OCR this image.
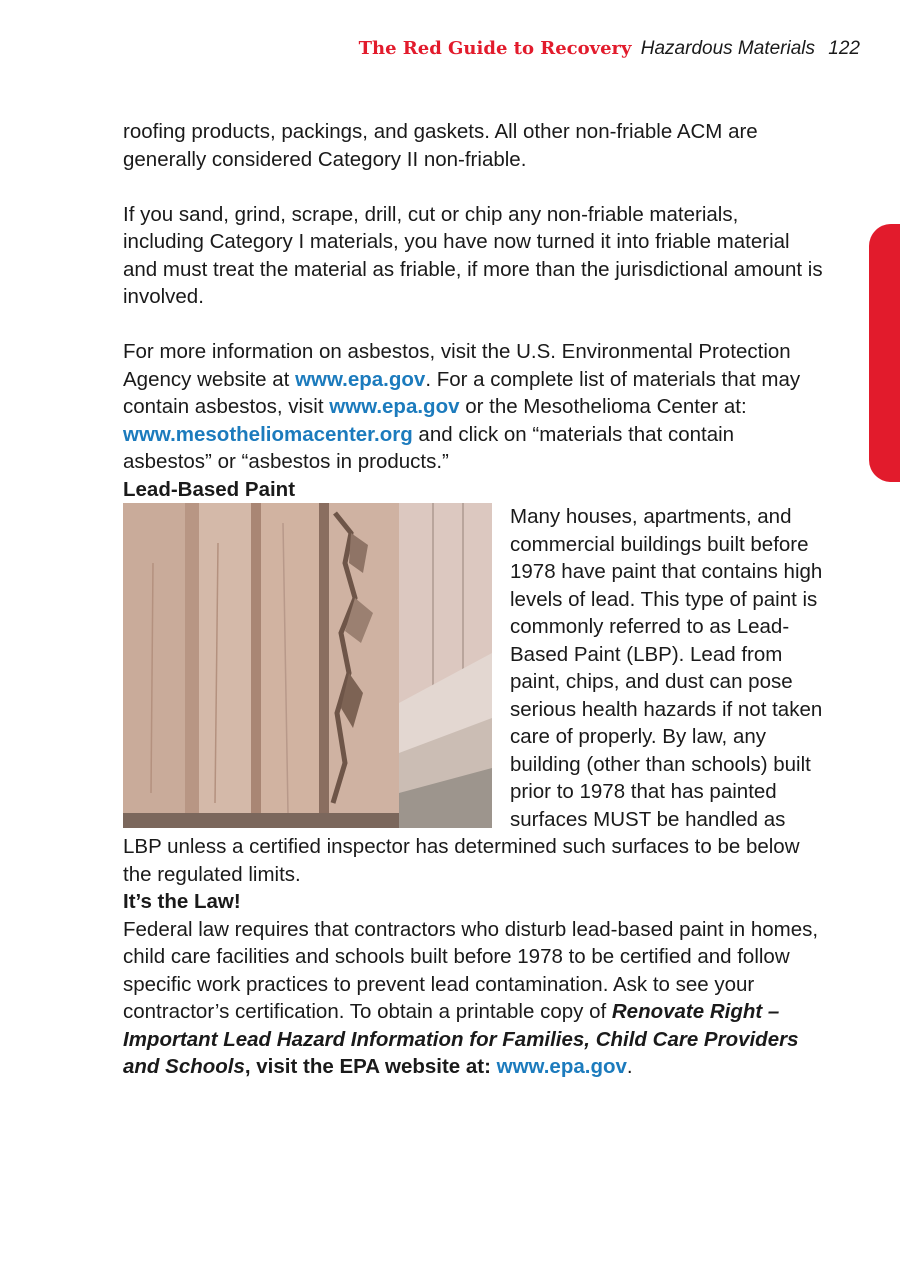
The Red Guide to Recovery Hazardous Materials 122

roofing products, packings, and gaskets. All other non-friable ACM are generally considered Category II non-friable.

If you sand, grind, scrape, drill, cut or chip any non-friable materials, including Category I materials, you have now turned it into friable material and must treat the material as friable, if more than the jurisdictional amount is involved.

For more information on asbestos, visit the U.S. Environmental Protection Agency website at www.epa.gov. For a complete list of materials that may contain asbestos, visit www.epa.gov or the Mesothelioma Center at: www.mesotheliomacenter.org and click on “materials that contain asbestos” or “asbestos in products.”

Lead-Based Paint

Many houses, apartments, and commercial buildings built before 1978 have paint that contains high levels of lead. This type of paint is commonly referred to as Lead-Based Paint (LBP). Lead from paint, chips, and dust can pose serious health hazards if not taken care of properly. By law, any building (other than schools) built prior to 1978 that has painted surfaces MUST be handled as LBP unless a certified inspector has determined such surfaces to be below the regulated limits.

It’s the Law!

Federal law requires that contractors who disturb lead-based paint in homes, child care facilities and schools built before 1978 to be certified and follow specific work practices to prevent lead contamination. Ask to see your contractor’s certification. To obtain a printable copy of Renovate Right – Important Lead Hazard Information for Families, Child Care Providers and Schools, visit the EPA website at: www.epa.gov.
